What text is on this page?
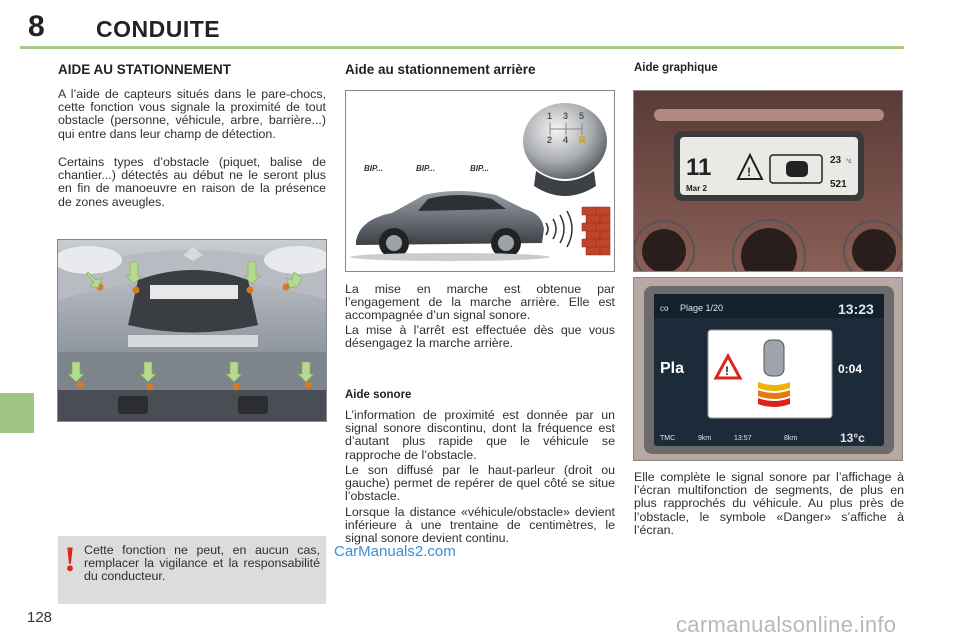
8 CONDUITE
AIDE AU STATIONNEMENT
A l’aide de capteurs situés dans le pare-chocs, cette fonction vous signale la proximité de tout obstacle (personne, véhicule, arbre, barrière...) qui entre dans leur champ de détection.
Certains types d’obstacle (piquet, balise de chantier...) détectés au début ne le seront plus en fin de manoeuvre en raison de la présence de zones aveugles.
! Cette fonction ne peut, en aucun cas, remplacer la vigilance et la responsabilité du conducteur.
Aide au stationnement arrière
1 3 5
2 4 R
BIP...	BIP...	BIP...
La mise en marche est obtenue par l’engagement de la marche arrière. Elle est accompagnée d’un signal sonore.
La mise à l’arrêt est effectuée dès que vous désengagez la marche arrière.
Aide sonore
L’information de proximité est donnée par un signal sonore discontinu, dont la fréquence est d’autant plus rapide que le véhicule se rapproche de l’obstacle.
Le son diffusé par le haut-parleur (droit ou gauche) permet de repérer de quel côté se situe l’obstacle.
Lorsque la distance «véhicule/obstacle» devient inférieure à une trentaine de centimètres, le signal sonore devient continu.
CarManuals2.com
Aide graphique
11
Mar 2
23 °c
521
!
co Plage 1/20	13:23
Pla	0:04
TMC	9km	13:57	8km	13°c
!
Elle complète le signal sonore par l’affichage à l’écran multifonction de segments, de plus en plus rapprochés du véhicule. Au plus près de l’obstacle, le symbole «Danger» s’affiche à l’écran.
128	carmanualsonline.info
